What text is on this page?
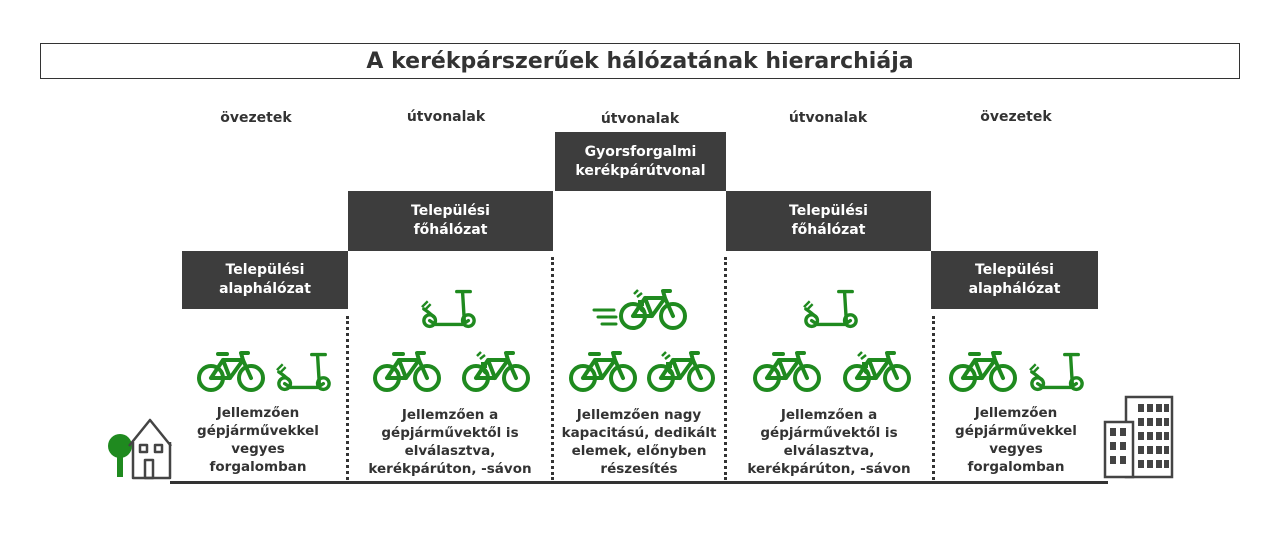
A kerékpárszerűek hálózatának hierarchiája
övezetek	útvonalak	útvonalak	útvonalak	övezetek
Települési
alaphálózat
Települési
főhálózat
Gyorsforgalmi
kerékpárútvonal
Települési
főhálózat
Települési
alaphálózat
Jellemzően
gépjárművekkel
vegyes
forgalomban
Jellemzően a
gépjárművektől is
elválasztva,
kerékpárúton, -sávon
Jellemzően nagy
kapacitású, dedikált
elemek, előnyben
részesítés
Jellemzően a
gépjárművektől is
elválasztva,
kerékpárúton, -sávon
Jellemzően
gépjárművekkel
vegyes
forgalomban
